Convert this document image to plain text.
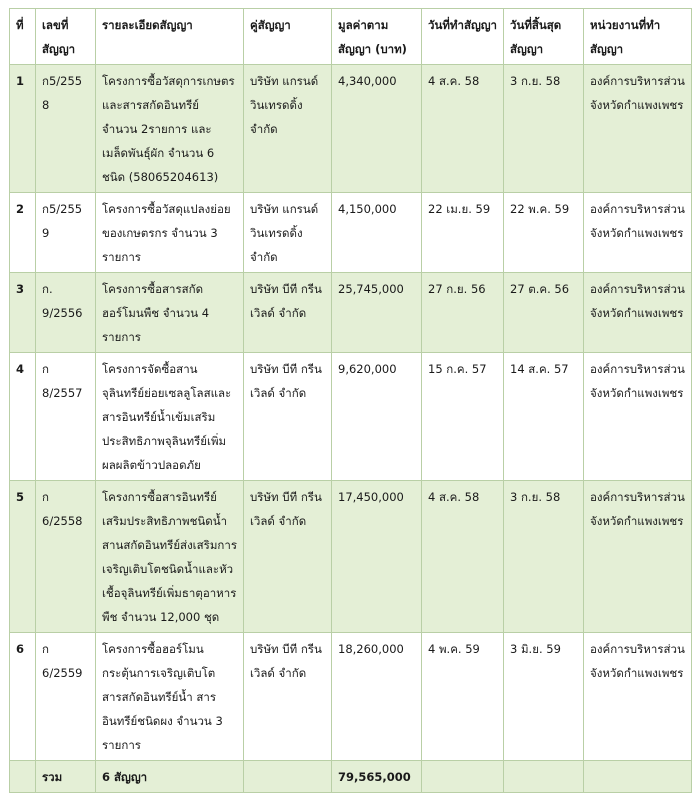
ที่	เลขที่สัญญา	รายละเอียดสัญญา	คู่สัญญา	มูลค่าตามสัญญา (บาท)	วันที่ทำสัญญา	วันที่สิ้นสุดสัญญา	หน่วยงานที่ทำสัญญา
1	ก5/2558	โครงการซื้อวัสดุการเกษตรและสารสกัดอินทรีย์ จำนวน 2รายการ และเมล็ดพันธุ์ผัก จำนวน 6 ชนิด (58065204613)	บริษัท แกรนด์ วินเทรดดิ้ง จำกัด	4,340,000	4 ส.ค. 58	3 ก.ย. 58	องค์การบริหารส่วนจังหวัดกำแพงเพชร
2	ก5/2559	โครงการซื้อวัสดุแปลงย่อยของเกษตรกร จำนวน 3 รายการ	บริษัท แกรนด์ วินเทรดดิ้ง จำกัด	4,150,000	22 เม.ย. 59	22 พ.ค. 59	องค์การบริหารส่วนจังหวัดกำแพงเพชร
3	ก. 9/2556	โครงการซื้อสารสกัดฮอร์โมนพืช จำนวน 4 รายการ	บริษัท บีที กรีน เวิลด์ จำกัด	25,745,000	27 ก.ย. 56	27 ต.ค. 56	องค์การบริหารส่วนจังหวัดกำแพงเพชร
4	ก 8/2557	โครงการจัดซื้อสานจุลินทรีย์ย่อยเซลลูโลสและสารอินทรีย์น้ำเข้มเสริมประสิทธิภาพจุลินทรีย์เพิ่มผลผลิตข้าวปลอดภัย	บริษัท บีที กรีน เวิลด์ จำกัด	9,620,000	15 ก.ค. 57	14 ส.ค. 57	องค์การบริหารส่วนจังหวัดกำแพงเพชร
5	ก 6/2558	โครงการซื้อสารอินทรีย์เสริมประสิทธิภาพชนิดน้ำ สานสกัดอินทรีย์ส่งเสริมการเจริญเติบโตชนิดน้ำและหัวเชื้อจุลินทรีย์เพิ่มธาตุอาหารพืช จำนวน 12,000 ชุด	บริษัท บีที กรีน เวิลด์ จำกัด	17,450,000	4 ส.ค. 58	3 ก.ย. 58	องค์การบริหารส่วนจังหวัดกำแพงเพชร
6	ก 6/2559	โครงการซื้อฮอร์โมนกระตุ้นการเจริญเติบโต สารสกัดอินทรีย์น้ำ สารอินทรีย์ชนิดผง จำนวน 3 รายการ	บริษัท บีที กรีน เวิลด์ จำกัด	18,260,000	4 พ.ค. 59	3 มิ.ย. 59	องค์การบริหารส่วนจังหวัดกำแพงเพชร
	รวม	6 สัญญา		79,565,000			
